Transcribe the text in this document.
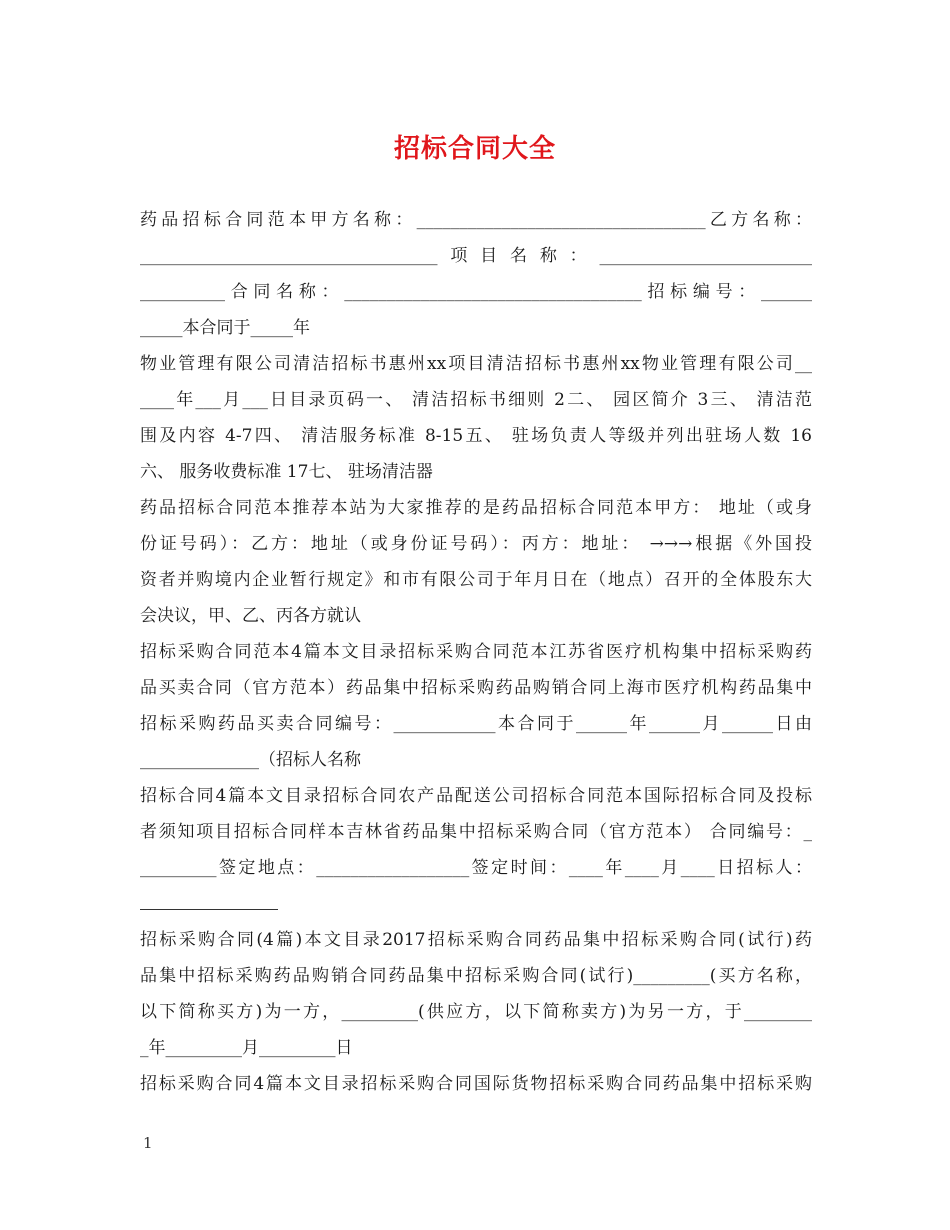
招标合同大全
药品招标合同范本甲方名称：__________________________________乙方名称：
___________________________________项目名称：_________________________
__________合同名称：___________________________________招标编号：______
_____本合同于_____年
物业管理有限公司清洁招标书惠州xx项目清洁招标书惠州xx物业管理有限公司__
____年___月___日目录页码一、 清洁招标书细则 2二、 园区简介 3三、 清洁范
围及内容 4-7四、 清洁服务标准 8-15五、 驻场负责人等级并列出驻场人数 16
六、 服务收费标准 17七、 驻场清洁器
药品招标合同范本推荐本站为大家推荐的是药品招标合同范本甲方： 地址（或身
份证号码）：乙方：地址（或身份证号码）：丙方：地址： →→→根据《外国投
资者并购境内企业暂行规定》和市有限公司于年月日在（地点）召开的全体股东大
会决议，甲、乙、丙各方就认
招标采购合同范本4篇本文目录招标采购合同范本江苏省医疗机构集中招标采购药
品买卖合同（官方范本）药品集中招标采购药品购销合同上海市医疗机构药品集中
招标采购药品买卖合同编号：____________本合同于______年______月______日由
______________（招标人名称
招标合同4篇本文目录招标合同农产品配送公司招标合同范本国际招标合同及投标
者须知项目招标合同样本吉林省药品集中招标采购合同（官方范本） 合同编号：_
_________签定地点：__________________签定时间：____年____月____日招标人：
招标采购合同(4篇)本文目录2017招标采购合同药品集中招标采购合同(试行)药
品集中招标采购药品购销合同药品集中招标采购合同(试行)_________(买方名称，
以下简称买方)为一方，_________(供应方，以下简称卖方)为另一方，于________
_年_________月_________日
招标采购合同4篇本文目录招标采购合同国际货物招标采购合同药品集中招标采购
1
